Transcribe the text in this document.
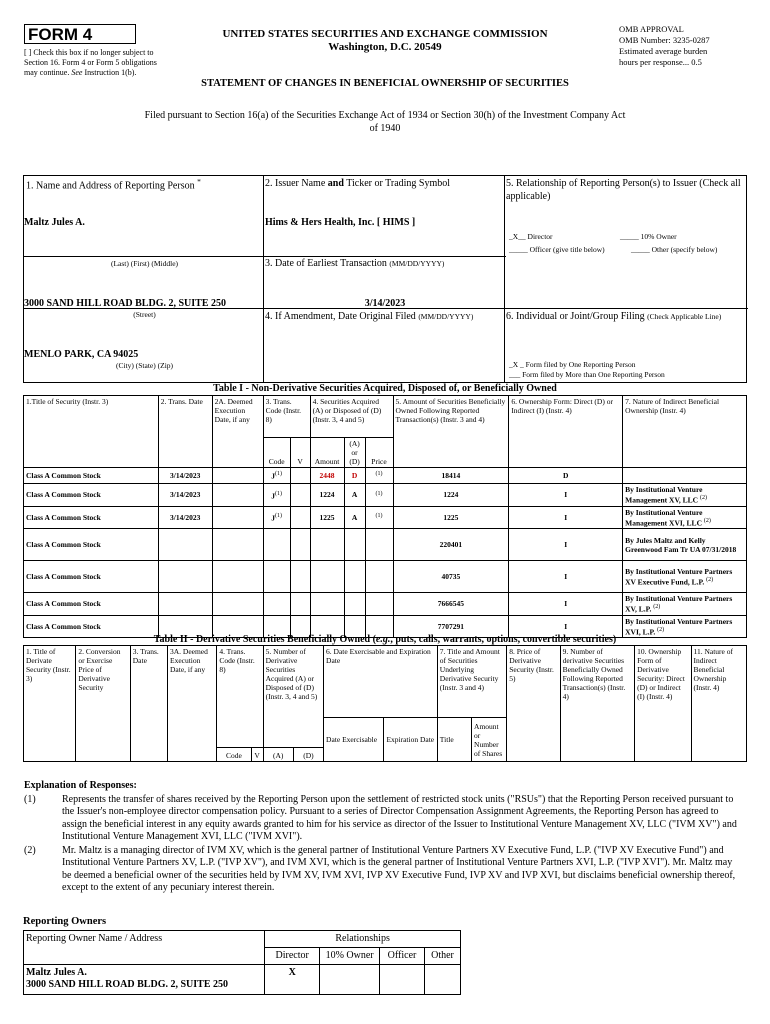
FORM 4
[ ] Check this box if no longer subject to Section 16. Form 4 or Form 5 obligations may continue. See Instruction 1(b).
UNITED STATES SECURITIES AND EXCHANGE COMMISSION
Washington, D.C. 20549
OMB APPROVAL
OMB Number: 3235-0287
Estimated average burden
hours per response... 0.5
STATEMENT OF CHANGES IN BENEFICIAL OWNERSHIP OF SECURITIES
Filed pursuant to Section 16(a) of the Securities Exchange Act of 1934 or Section 30(h) of the Investment Company Act of 1940
1. Name and Address of Reporting Person *
Maltz Jules A.
(Last) (First) (Middle)
3000 SAND HILL ROAD BLDG. 2, SUITE 250
(Street)
MENLO PARK, CA 94025
(City) (State) (Zip)
2. Issuer Name and Ticker or Trading Symbol
Hims & Hers Health, Inc. [ HIMS ]
3. Date of Earliest Transaction (MM/DD/YYYY)
3/14/2023
4. If Amendment, Date Original Filed (MM/DD/YYYY)
5. Relationship of Reporting Person(s) to Issuer (Check all applicable)
_X__ Director	_____ 10% Owner
_____ Officer (give title below)	_____ Other (specify below)
6. Individual or Joint/Group Filing (Check Applicable Line)
_X _ Form filed by One Reporting Person
___ Form filed by More than One Reporting Person
Table I - Non-Derivative Securities Acquired, Disposed of, or Beneficially Owned
1.Title of Security (Instr. 3)	2. Trans. Date	2A. Deemed Execution Date, if any	3. Trans. Code (Instr. 8)		4. Securities Acquired (A) or Disposed of (D) (Instr. 3, 4 and 5)			5. Amount of Securities Beneficially Owned Following Reported Transaction(s) (Instr. 3 and 4)	6. Ownership Form: Direct (D) or Indirect (I) (Instr. 4)	7. Nature of Indirect Beneficial Ownership (Instr. 4)
			Code	V	Amount	(A) or (D)	Price			
Class A Common Stock	3/14/2023		$J^{(1)}$		2448	D	$^{(1)}$	18414	D	
Class A Common Stock	3/14/2023		$J^{(1)}$		1224	A	$^{(1)}$	1224	I	By Institutional Venture Management XV, LLC $^{(2)}$
Class A Common Stock	3/14/2023		$J^{(1)}$		1225	A	$^{(1)}$	1225	I	By Institutional Venture Management XVI, LLC $^{(2)}$
Class A Common Stock								220401	I	By Jules Maltz and Kelly Greenwood Fam Tr UA 07/31/2018
Class A Common Stock								40735	I	By Institutional Venture Partners XV Executive Fund, L.P. $^{(2)}$
Class A Common Stock								7666545	I	By Institutional Venture Partners XV, L.P. $^{(2)}$
Class A Common Stock								7707291	I	By Institutional Venture Partners XVI, L.P. $^{(2)}$
Table II - Derivative Securities Beneficially Owned (e.g., puts, calls, warrants, options, convertible securities)
1. Title of Derivate Security (Instr. 3)	2. Conversion or Exercise Price of Derivative Security	3. Trans. Date	3A. Deemed Execution Date, if any	4. Trans. Code (Instr. 8)		5. Number of Derivative Securities Acquired (A) or Disposed of (D) (Instr. 3, 4 and 5)		6. Date Exercisable and Expiration Date		7. Title and Amount of Securities Underlying Derivative Security (Instr. 3 and 4)		8. Price of Derivative Security (Instr. 5)	9. Number of derivative Securities Beneficially Owned Following Reported Transaction(s) (Instr. 4)	10. Ownership Form of Derivative Security: Direct (D) or Indirect (I) (Instr. 4)	11. Nature of Indirect Beneficial Ownership (Instr. 4)
								Date Exercisable	Expiration Date	Title	Amount or Number of Shares				
				Code	V	(A)	(D)								
Explanation of Responses:
(1)	Represents the transfer of shares received by the Reporting Person upon the settlement of restricted stock units ("RSUs") that the Reporting Person received pursuant to the Issuer's non-employee director compensation policy. Pursuant to a series of Director Compensation Assignment Agreements, the Reporting Person has agreed to assign the beneficial interest in any equity awards granted to him for his service as director of the Issuer to Institutional Venture Management XV, LLC ("IVM XV") and Institutional Venture Management XVI, LLC ("IVM XVI").
(2)	Mr. Maltz is a managing director of IVM XV, which is the general partner of Institutional Venture Partners XV Executive Fund, L.P. ("IVP XV Executive Fund") and Institutional Venture Partners XV, L.P. ("IVP XV"), and IVM XVI, which is the general partner of Institutional Venture Partners XVI, L.P. ("IVP XVI"). Mr. Maltz may be deemed a beneficial owner of the securities held by IVM XV, IVM XVI, IVP XV Executive Fund, IVP XV and IVP XVI, but disclaims beneficial ownership thereof, except to the extent of any pecuniary interest therein.
Reporting Owners
Reporting Owner Name / Address	Relationships			
	Director	10% Owner	Officer	Other

Maltz Jules A.
3000 SAND HILL ROAD BLDG. 2, SUITE 250	X			
